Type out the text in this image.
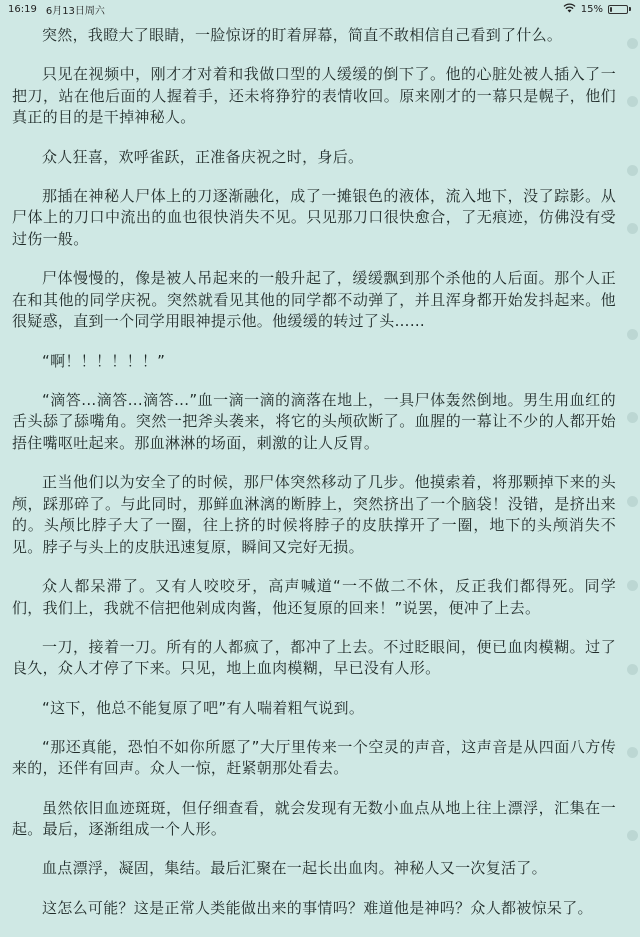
16:19 6月13日周六	15%

突然，我瞪大了眼睛，一脸惊讶的盯着屏幕，简直不敢相信自己看到了什么。

只见在视频中，刚才才对着和我做口型的人缓缓的倒下了。他的心脏处被人插入了一把刀，站在他后面的人握着手，还未将狰狞的表情收回。原来刚才的一幕只是幌子，他们真正的目的是干掉神秘人。

众人狂喜，欢呼雀跃，正准备庆祝之时，身后。

那插在神秘人尸体上的刀逐渐融化，成了一摊银色的液体，流入地下，没了踪影。从尸体上的刀口中流出的血也很快消失不见。只见那刀口很快愈合，了无痕迹，仿佛没有受过伤一般。

尸体慢慢的，像是被人吊起来的一般升起了，缓缓飘到那个杀他的人后面。那个人正在和其他的同学庆祝。突然就看见其他的同学都不动弹了，并且浑身都开始发抖起来。他很疑惑，直到一个同学用眼神提示他。他缓缓的转过了头……

“啊！！！！！！”

“滴答...滴答...滴答...”血一滴一滴的滴落在地上，一具尸体轰然倒地。男生用血红的舌头舔了舔嘴角。突然一把斧头袭来，将它的头颅砍断了。血腥的一幕让不少的人都开始捂住嘴呕吐起来。那血淋淋的场面，刺激的让人反胃。

正当他们以为安全了的时候，那尸体突然移动了几步。他摸索着，将那颗掉下来的头颅，踩那碎了。与此同时，那鲜血淋漓的断脖上，突然挤出了一个脑袋！没错，是挤出来的。头颅比脖子大了一圈，往上挤的时候将脖子的皮肤撑开了一圈，地下的头颅消失不见。脖子与头上的皮肤迅速复原，瞬间又完好无损。

众人都呆滞了。又有人咬咬牙，高声喊道“一不做二不休，反正我们都得死。同学们，我们上，我就不信把他剁成肉酱，他还复原的回来！”说罢，便冲了上去。

一刀，接着一刀。所有的人都疯了，都冲了上去。不过眨眼间，便已血肉模糊。过了良久，众人才停了下来。只见，地上血肉模糊，早已没有人形。

“这下，他总不能复原了吧”有人喘着粗气说到。

“那还真能，恐怕不如你所愿了”大厅里传来一个空灵的声音，这声音是从四面八方传来的，还伴有回声。众人一惊，赶紧朝那处看去。

虽然依旧血迹斑斑，但仔细查看，就会发现有无数小血点从地上往上漂浮，汇集在一起。最后，逐渐组成一个人形。

血点漂浮，凝固，集结。最后汇聚在一起长出血肉。神秘人又一次复活了。

这怎么可能？这是正常人类能做出来的事情吗？难道他是神吗？众人都被惊呆了。
